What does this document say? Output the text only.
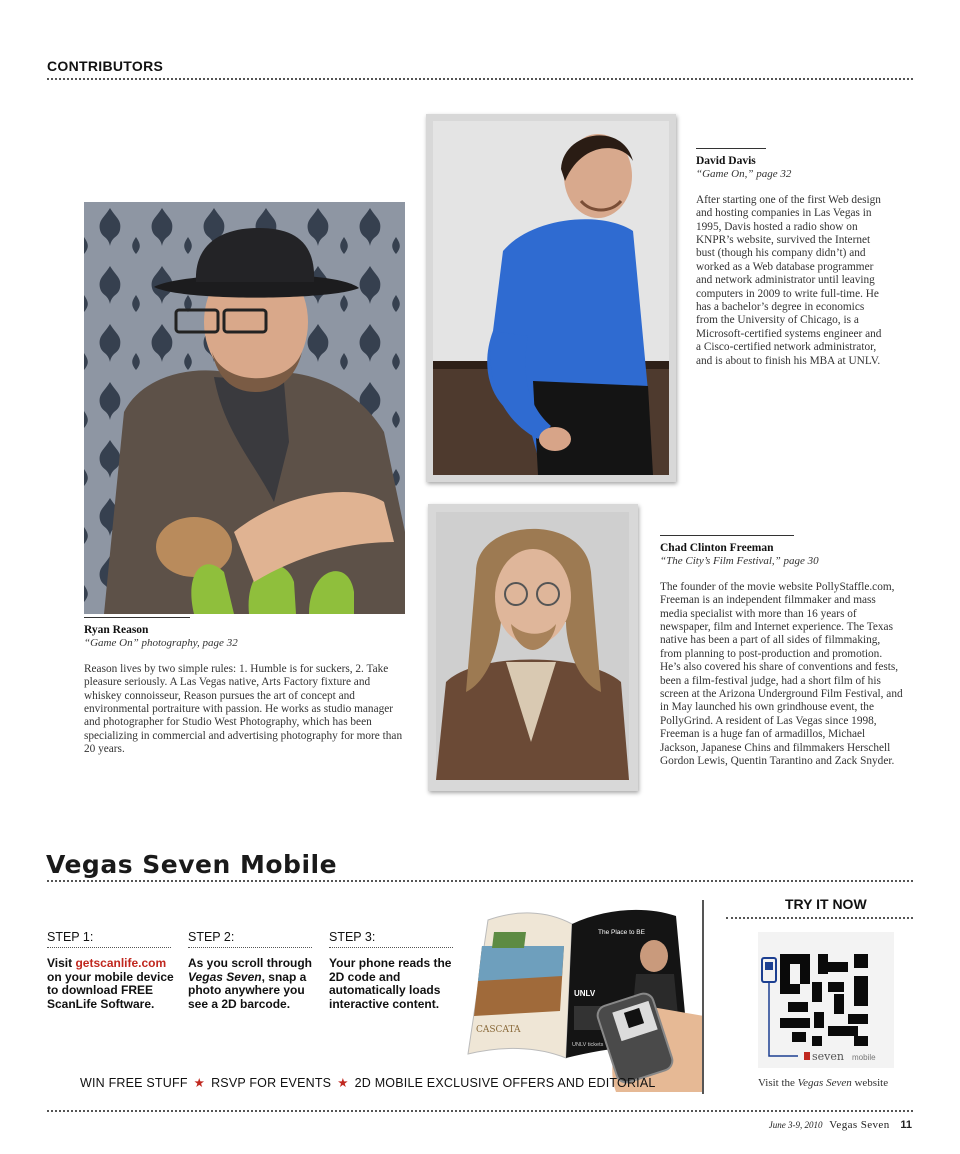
CONTRIBUTORS
Ryan Reason
“Game On” photography, page 32
Reason lives by two simple rules: 1. Humble is for suckers, 2. Take pleasure seriously. A Las Vegas native, Arts Factory fixture and whiskey connoisseur, Reason pursues the art of concept and environmental portraiture with passion. He works as studio manager and photographer for Studio West Photography, which has been specializing in commercial and advertising photography for more than 20 years.
David Davis
“Game On,” page 32
After starting one of the first Web design and hosting companies in Las Vegas in 1995, Davis hosted a radio show on KNPR’s website, survived the Internet bust (though his company didn’t) and worked as a Web database programmer and network administrator until leaving computers in 2009 to write full-time. He has a bachelor’s degree in economics from the University of Chicago, is a Microsoft-certified systems engineer and a Cisco-certified network administrator, and is about to finish his MBA at UNLV.
Chad Clinton Freeman
“The City’s Film Festival,” page 30
The founder of the movie website PollyStaffle.com, Freeman is an independent filmmaker and mass media specialist with more than 16 years of newspaper, film and Internet experience. The Texas native has been a part of all sides of filmmaking, from planning to post-production and promotion. He’s also covered his share of conventions and fests, been a film-festival judge, had a short film of his screen at the Arizona Underground Film Festival, and in May launched his own grindhouse event, the PollyGrind. A resident of Las Vegas since 1998, Freeman is a huge fan of armadillos, Michael Jackson, Japanese Chins and filmmakers Herschell Gordon Lewis, Quentin Tarantino and Zack Snyder.
Vegas Seven Mobile
STEP 1:
Visit getscanlife.com on your mobile device to download FREE ScanLife Software.
STEP 2:
As you scroll through Vegas Seven, snap a photo anywhere you see a 2D barcode.
STEP 3:
Your phone reads the 2D code and automatically loads interactive content.
CASCATA
The Place to BE
UNLV
UNLV tickets
WIN FREE STUFF ★ RSVP FOR EVENTS ★ 2D MOBILE EXCLUSIVE OFFERS AND EDITORIAL
TRY IT NOW
seven mobile
Visit the Vegas Seven website
June 3-9, 2010 Vegas Seven 11
